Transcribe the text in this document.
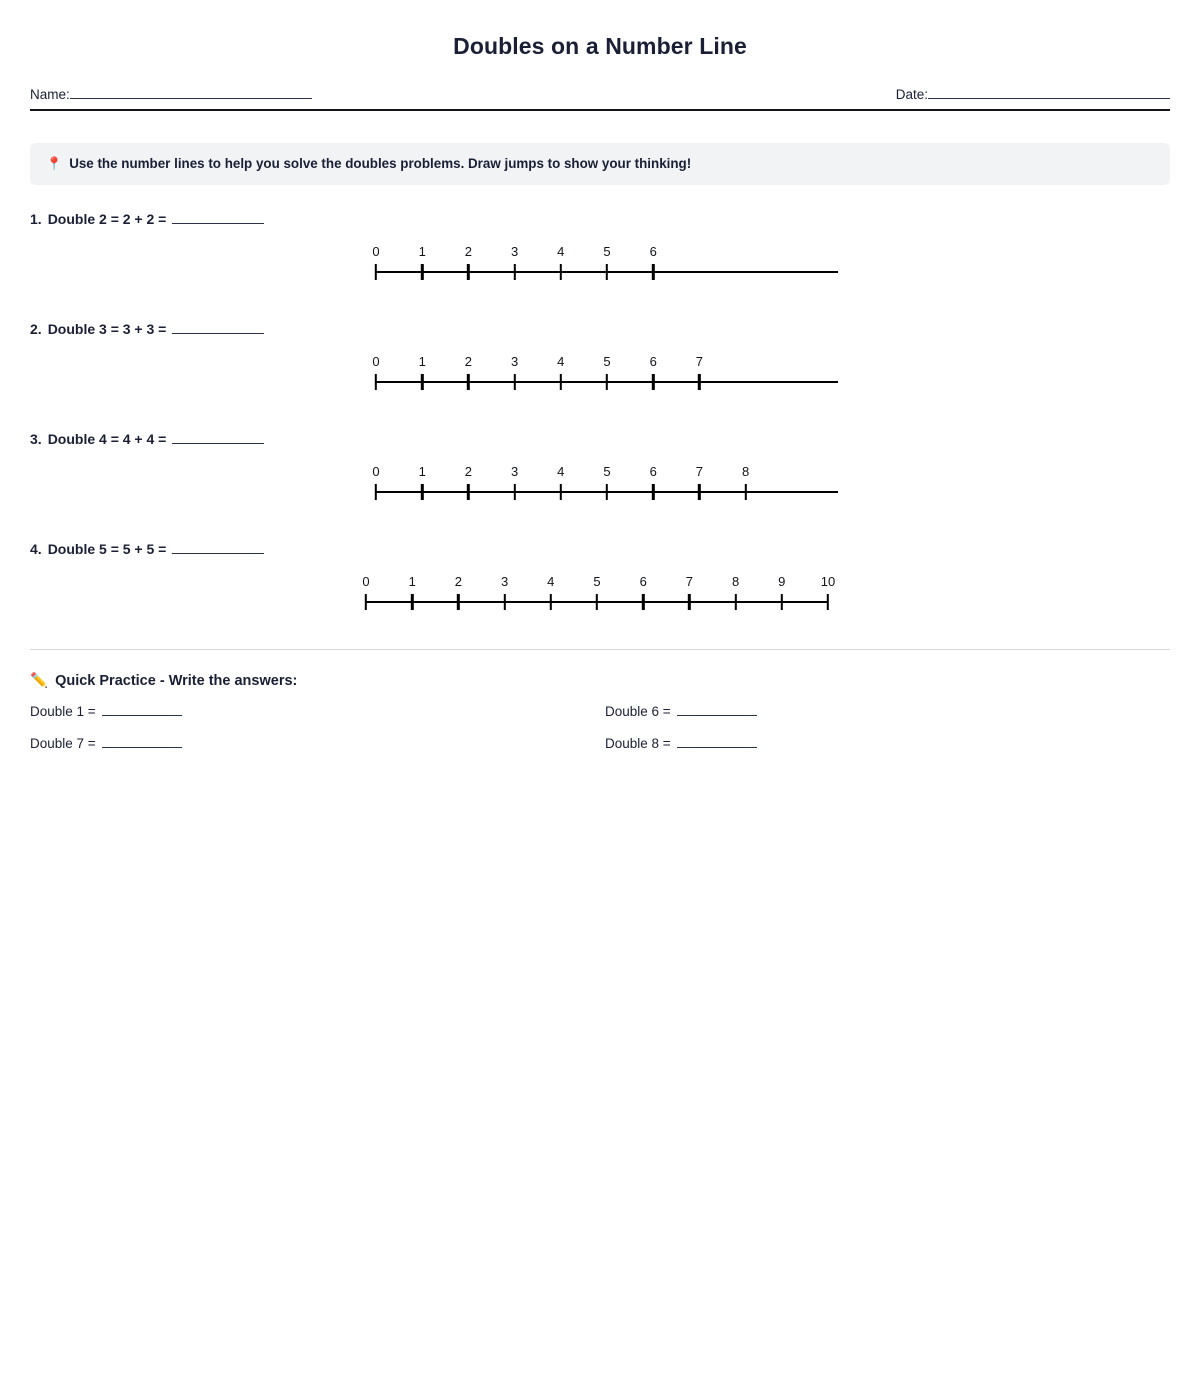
Doubles on a Number Line
Name:	Date:
📍 Use the number lines to help you solve the doubles problems. Draw jumps to show your thinking!
1. Double 2 = 2 + 2 =
0	1	2	3	4	5	6
2. Double 3 = 3 + 3 =
0	1	2	3	4	5	6	7
3. Double 4 = 4 + 4 =
0	1	2	3	4	5	6	7	8
4. Double 5 = 5 + 5 =
0	1	2	3	4	5	6	7	8	9	10
✏️ Quick Practice - Write the answers:
Double 1 =	Double 6 =
Double 7 =	Double 8 =
